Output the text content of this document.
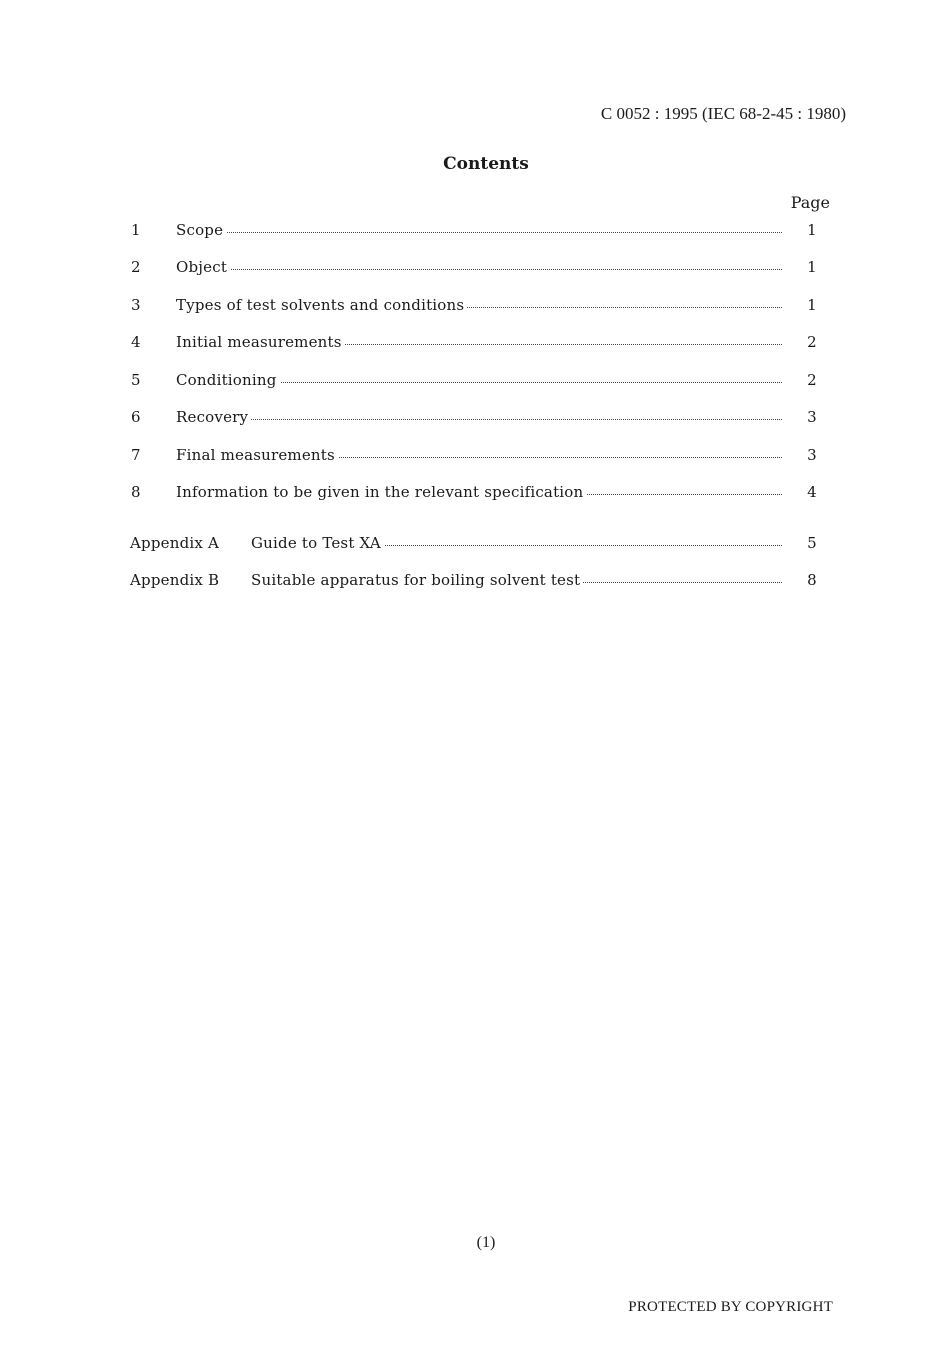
C 0052 : 1995 (IEC 68-2-45 : 1980)
Contents
Page
1 Scope	1
2 Object	1
3 Types of test solvents and conditions	1
4 Initial measurements	2
5 Conditioning	2
6 Recovery	3
7 Final measurements	3
8 Information to be given in the relevant specification	4
Appendix A Guide to Test XA	5
Appendix B Suitable apparatus for boiling solvent test	8
(1)
PROTECTED BY COPYRIGHT
